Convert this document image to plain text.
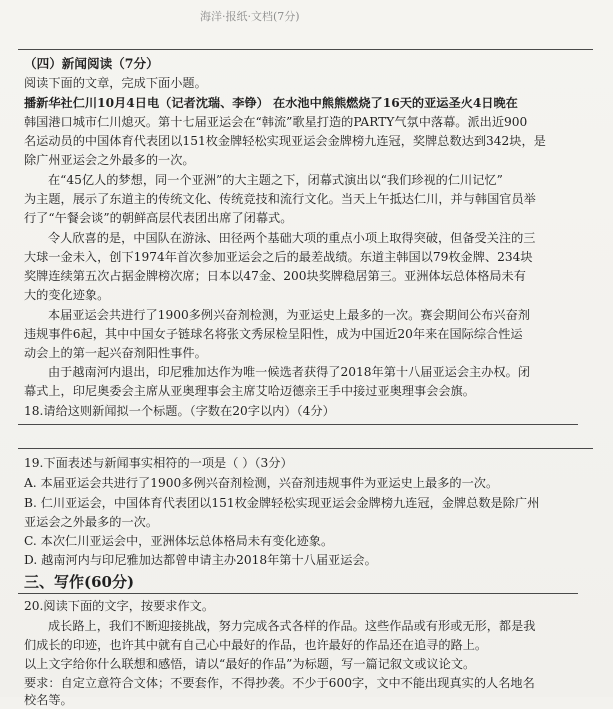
海洋·报纸·文档(7分)
（四）新闻阅读（7分）
阅读下面的文章，完成下面小题。
播新华社仁川10月4日电（记者沈瑞、李铮） 在水池中熊熊燃烧了16天的亚运圣火4日晚在
韩国港口城市仁川熄灭。第十七届亚运会在“韩流”歌星打造的PARTY气氛中落幕。派出近900
名运动员的中国体育代表团以151枚金牌轻松实现亚运会金牌榜九连冠，奖牌总数达到342块，是
除广州亚运会之外最多的一次。
在“45亿人的梦想，同一个亚洲”的大主题之下，闭幕式演出以“我们珍视的仁川记忆”
为主题，展示了东道主的传统文化、传统竞技和流行文化。当天上午抵达仁川，并与韩国官员举
行了“午餐会谈”的朝鲜高层代表团出席了闭幕式。
令人欣喜的是，中国队在游泳、田径两个基础大项的重点小项上取得突破，但备受关注的三
大球一金未入，创下1974年首次参加亚运会之后的最差战绩。东道主韩国以79枚金牌、234块
奖牌连续第五次占据金牌榜次席；日本以47金、200块奖牌稳居第三。亚洲体坛总体格局未有
大的变化迹象。
本届亚运会共进行了1900多例兴奋剂检测，为亚运史上最多的一次。赛会期间公布兴奋剂
违规事件6起，其中中国女子链球名将张文秀尿检呈阳性，成为中国近20年来在国际综合性运
动会上的第一起兴奋剂阳性事件。
由于越南河内退出，印尼雅加达作为唯一候选者获得了2018年第十八届亚运会主办权。闭
幕式上，印尼奥委会主席从亚奥理事会主席艾哈迈德亲王手中接过亚奥理事会会旗。
18.请给这则新闻拟一个标题。（字数在20字以内）（4分）
19.下面表述与新闻事实相符的一项是（ ）（3分）
A. 本届亚运会共进行了1900多例兴奋剂检测，兴奋剂违规事件为亚运史上最多的一次。
B. 仁川亚运会，中国体育代表团以151枚金牌轻松实现亚运会金牌榜九连冠，金牌总数是除广州
亚运会之外最多的一次。
C. 本次仁川亚运会中，亚洲体坛总体格局未有变化迹象。
D. 越南河内与印尼雅加达都曾申请主办2018年第十八届亚运会。
三、写作(60分)
20.阅读下面的文字，按要求作文。
成长路上，我们不断迎接挑战，努力完成各式各样的作品。这些作品或有形或无形，都是我
们成长的印迹，也许其中就有自己心中最好的作品，也许最好的作品还在追寻的路上。
以上文字给你什么联想和感悟，请以“最好的作品”为标题，写一篇记叙文或议论文。
要求：自定立意符合文体；不要套作，不得抄袭。不少于600字，文中不能出现真实的人名地名
校名等。
